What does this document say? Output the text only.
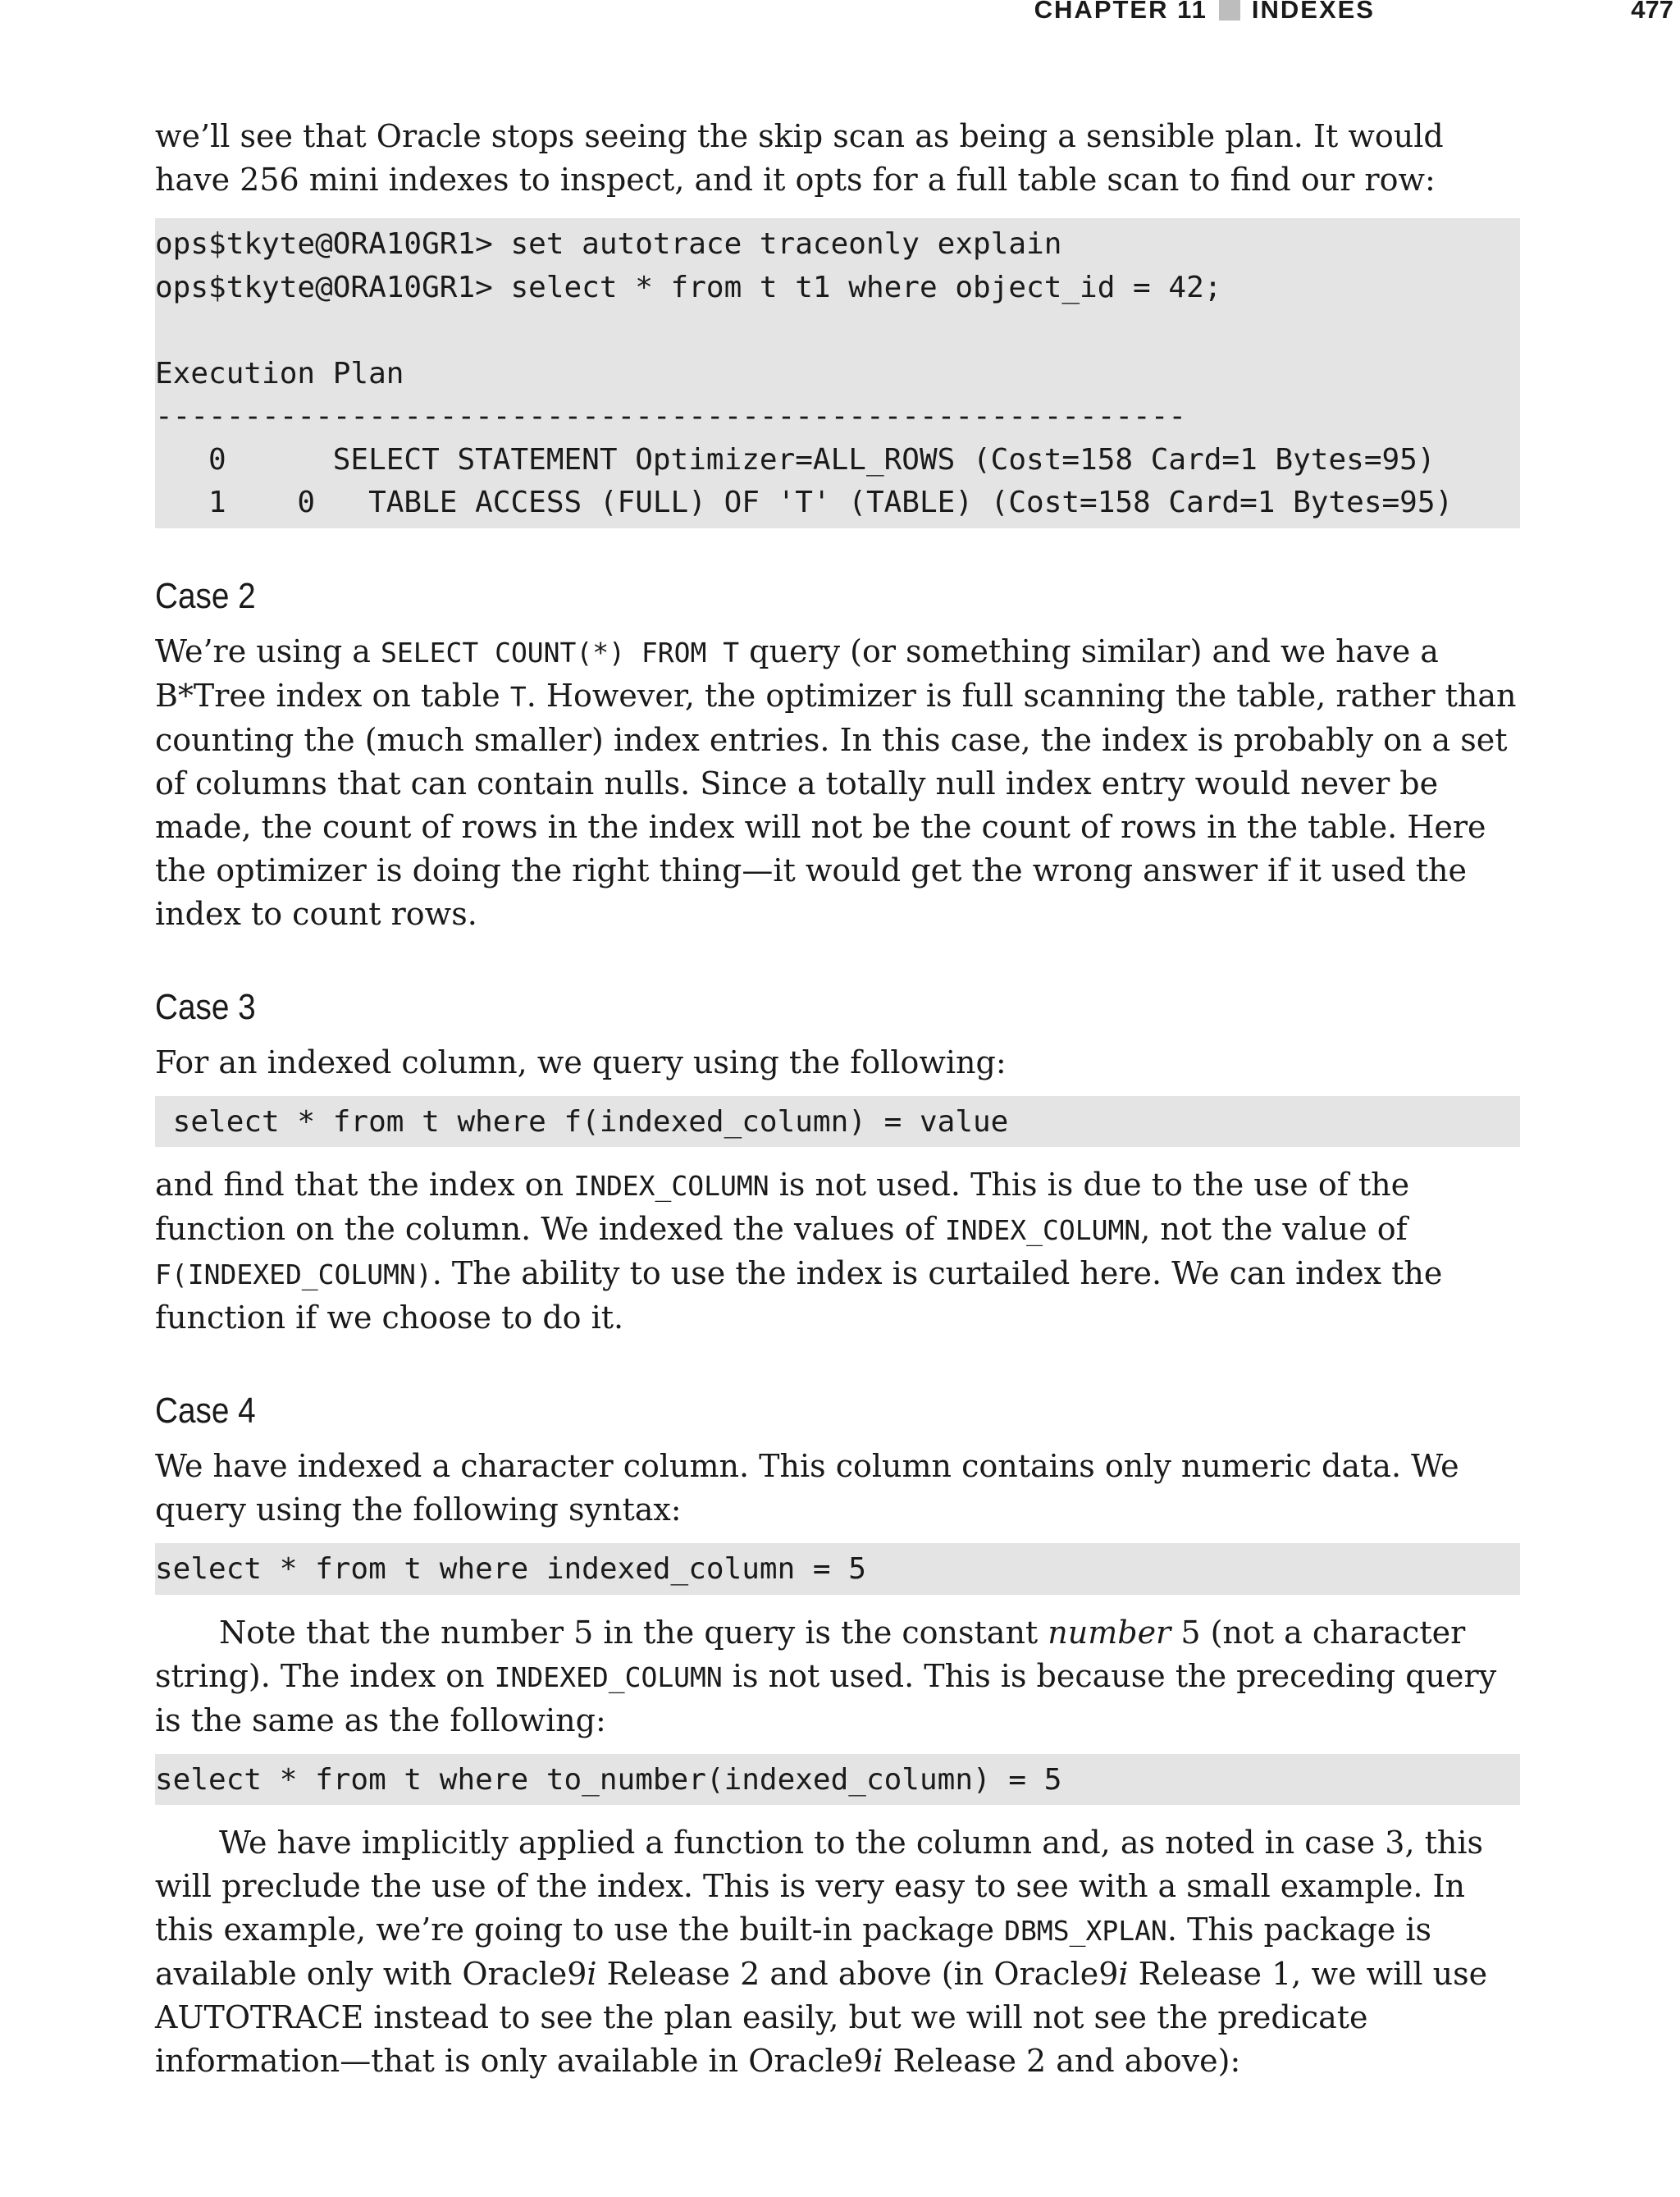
CHAPTER 11 INDEXES	477

we’ll see that Oracle stops seeing the skip scan as being a sensible plan. It would have 256 mini indexes to inspect, and it opts for a full table scan to find our row:

ops$tkyte@ORA10GR1> set autotrace traceonly explain
ops$tkyte@ORA10GR1> select * from t t1 where object_id = 42;
Execution Plan
----------------------------------------------------------
0      SELECT STATEMENT Optimizer=ALL_ROWS (Cost=158 Card=1 Bytes=95)
1    0   TABLE ACCESS (FULL) OF 'T' (TABLE) (Cost=158 Card=1 Bytes=95)
Case 2

We’re using a SELECT COUNT(*) FROM T query (or something similar) and we have a B*Tree index on table T. However, the optimizer is full scanning the table, rather than counting the (much smaller) index entries. In this case, the index is probably on a set of columns that can contain nulls. Since a totally null index entry would never be made, the count of rows in the index will not be the count of rows in the table. Here the optimizer is doing the right thing—it would get the wrong answer if it used the index to count rows.

Case 3

For an indexed column, we query using the following:

select * from t where f(indexed_column) = value

and find that the index on INDEX_COLUMN is not used. This is due to the use of the function on the column. We indexed the values of INDEX_COLUMN, not the value of F(INDEXED_COLUMN). The ability to use the index is curtailed here. We can index the function if we choose to do it.

Case 4

We have indexed a character column. This column contains only numeric data. We query using the following syntax:

select * from t where indexed_column = 5

Note that the number 5 in the query is the constant number 5 (not a character string). The index on INDEXED_COLUMN is not used. This is because the preceding query is the same as the following:

select * from t where to_number(indexed_column) = 5

We have implicitly applied a function to the column and, as noted in case 3, this will preclude the use of the index. This is very easy to see with a small example. In this example, we’re going to use the built-in package DBMS_XPLAN. This package is available only with Oracle9i Release 2 and above (in Oracle9i Release 1, we will use AUTOTRACE instead to see the plan easily, but we will not see the predicate information—that is only available in Oracle9i Release 2 and above):
